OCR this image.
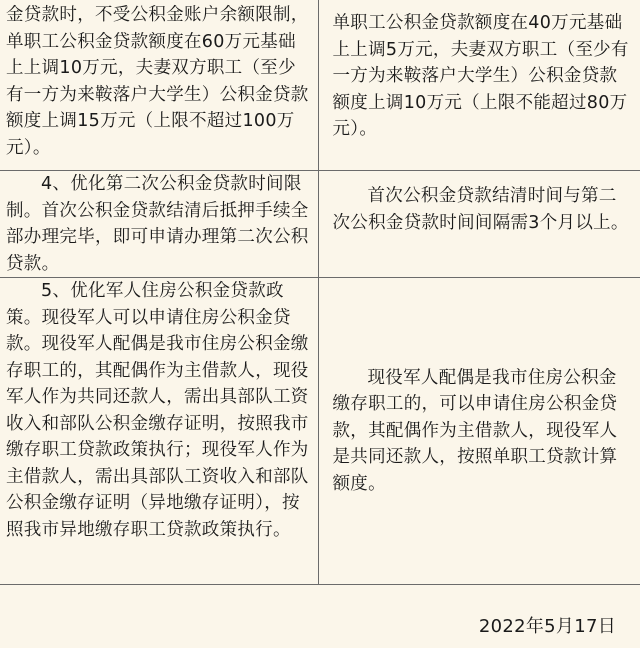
金贷款时，不受公积金账户余额限制，单职工公积金贷款额度在60万元基础上上调10万元，夫妻双方职工（至少有一方为来鞍落户大学生）公积金贷款额度上调15万元（上限不超过100万元）。	单职工公积金贷款额度在40万元基础上上调5万元，夫妻双方职工（至少有一方为来鞍落户大学生）公积金贷款额度上调10万元（上限不能超过80万元）。
4、优化第二次公积金贷款时间限制。首次公积金贷款结清后抵押手续全部办理完毕，即可申请办理第二次公积贷款。	首次公积金贷款结清时间与第二次公积金贷款时间间隔需3个月以上。
5、优化军人住房公积金贷款政策。现役军人可以申请住房公积金贷款。现役军人配偶是我市住房公积金缴存职工的，其配偶作为主借款人，现役军人作为共同还款人，需出具部队工资收入和部队公积金缴存证明，按照我市缴存职工贷款政策执行；现役军人作为主借款人，需出具部队工资收入和部队公积金缴存证明（异地缴存证明），按照我市异地缴存职工贷款政策执行。	现役军人配偶是我市住房公积金缴存职工的，可以申请住房公积金贷款，其配偶作为主借款人，现役军人是共同还款人，按照单职工贷款计算额度。
2022年5月17日
